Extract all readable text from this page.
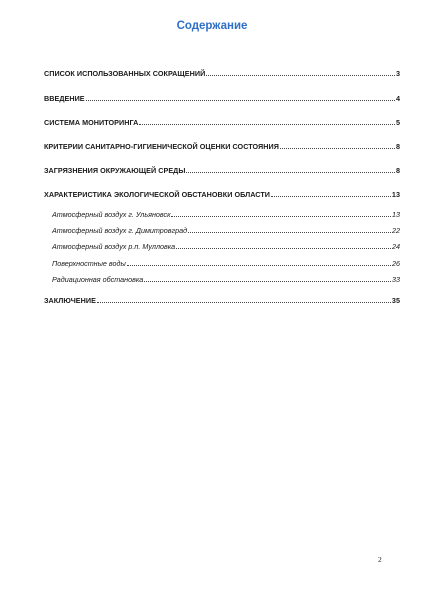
Содержание
СПИСОК ИСПОЛЬЗОВАННЫХ СОКРАЩЕНИЙ	3
ВВЕДЕНИЕ	4
СИСТЕМА МОНИТОРИНГА	5
КРИТЕРИИ САНИТАРНО-ГИГИЕНИЧЕСКОЙ ОЦЕНКИ СОСТОЯНИЯ	8
ЗАГРЯЗНЕНИЯ ОКРУЖАЮЩЕЙ СРЕДЫ	8
ХАРАКТЕРИСТИКА ЭКОЛОГИЧЕСКОЙ ОБСТАНОВКИ ОБЛАСТИ	13
Атмосферный воздух г. Ульяновск	13
Атмосферный воздух г. Димитровград	22
Атмосферный воздух р.п. Мулловка	24
Поверхностные воды	26
Радиационная обстановка	33
ЗАКЛЮЧЕНИЕ	35
2
